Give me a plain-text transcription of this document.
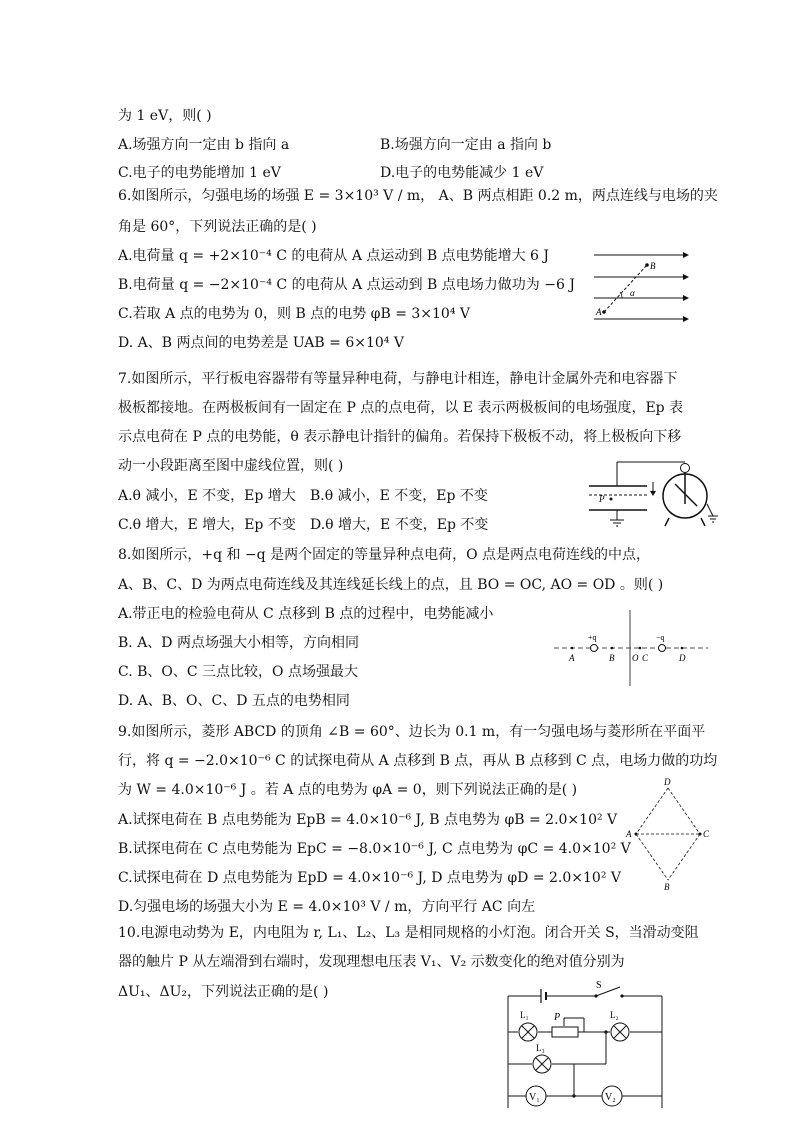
为 1 eV，则( )
A.场强方向一定由 b 指向 a	B.场强方向一定由 a 指向 b
C.电子的电势能增加 1 eV	D.电子的电势能减少 1 eV
6.如图所示，匀强电场的场强 E = 3×10³ V / m， A、B 两点相距 0.2 m，两点连线与电场的夹
角是 60°，下列说法正确的是( )
A.电荷量 q = +2×10⁻⁴ C 的电荷从 A 点运动到 B 点电势能增大 6 J
B.电荷量 q = −2×10⁻⁴ C 的电荷从 A 点运动到 B 点电场力做功为 −6 J
C.若取 A 点的电势为 0，则 B 点的电势 φB = 3×10⁴ V
D. A、B 两点间的电势差是 UAB = 6×10⁴ V
B
A
α
7.如图所示，平行板电容器带有等量异种电荷，与静电计相连，静电计金属外壳和电容器下
极板都接地。在两极板间有一固定在 P 点的点电荷，以 E 表示两极板间的电场强度，Ep 表
示点电荷在 P 点的电势能，θ 表示静电计指针的偏角。若保持下极板不动，将上极板向下移
动一小段距离至图中虚线位置，则( )
A.θ 减小，E 不变，Ep 增大 B.θ 减小，E 不变，Ep 不变
C.θ 增大，E 增大，Ep 不变 D.θ 增大，E 不变，Ep 不变
P
8.如图所示，+q 和 −q 是两个固定的等量异种点电荷，O 点是两点电荷连线的中点，
A、B、C、D 为两点电荷连线及其连线延长线上的点，且 BO = OC, AO = OD 。则( )
A.带正电的检验电荷从 C 点移到 B 点的过程中，电势能减小
B. A、D 两点场强大小相等，方向相同
C. B、O、C 三点比较，O 点场强最大
D. A、B、O、C、D 五点的电势相同
+q	−q
A	B O C	D
9.如图所示，菱形 ABCD 的顶角 ∠B = 60°、边长为 0.1 m，有一匀强电场与菱形所在平面平
行，将 q = −2.0×10⁻⁶ C 的试探电荷从 A 点移到 B 点，再从 B 点移到 C 点，电场力做的功均
为 W = 4.0×10⁻⁶ J 。若 A 点的电势为 φA = 0，则下列说法正确的是( )
A.试探电荷在 B 点电势能为 EpB = 4.0×10⁻⁶ J, B 点电势为 φB = 2.0×10² V
B.试探电荷在 C 点电势能为 EpC = −8.0×10⁻⁶ J, C 点电势为 φC = 4.0×10² V
C.试探电荷在 D 点电势能为 EpD = 4.0×10⁻⁶ J, D 点电势为 φD = 2.0×10² V
D.匀强电场的场强大小为 E = 4.0×10³ V / m，方向平行 AC 向左
D
A	C
B
10.电源电动势为 E，内电阻为 r, L₁、L₂、L₃ 是相同规格的小灯泡。闭合开关 S，当滑动变阻
器的触片 P 从左端滑到右端时，发现理想电压表 V₁、V₂ 示数变化的绝对值分别为
ΔU₁、ΔU₂，下列说法正确的是( )	S
L₁	P	L₂
L₃
V₁	V₂
